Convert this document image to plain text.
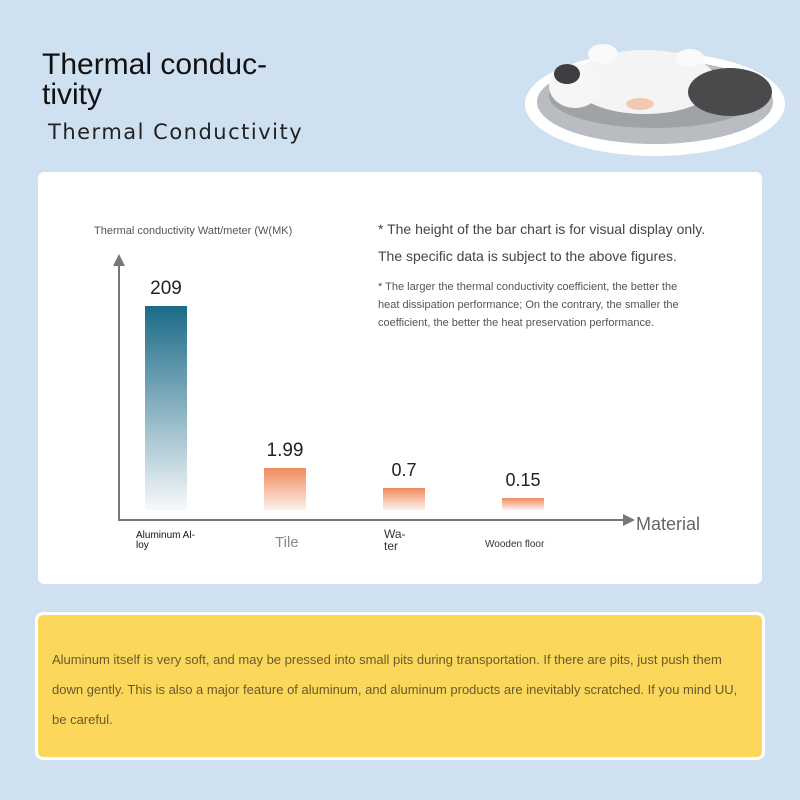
Thermal conduc-
tivity
Thermal Conductivity
Thermal conductivity Watt/meter (W(MK)
Material
209
Aluminum Al-loy
1.99
Tile
0.7
Wa-ter
0.15
Wooden floor
* The height of the bar chart is for visual display only.
The specific data is subject to the above figures.
* The larger the thermal conductivity coefficient, the better the
heat dissipation performance; On the contrary, the smaller the
coefficient, the better the heat preservation performance.

Aluminum itself is very soft, and may be pressed into small pits during transportation. If there are pits, just push them down gently. This is also a major feature of aluminum, and aluminum products are inevitably scratched. If you mind UU, be careful.
